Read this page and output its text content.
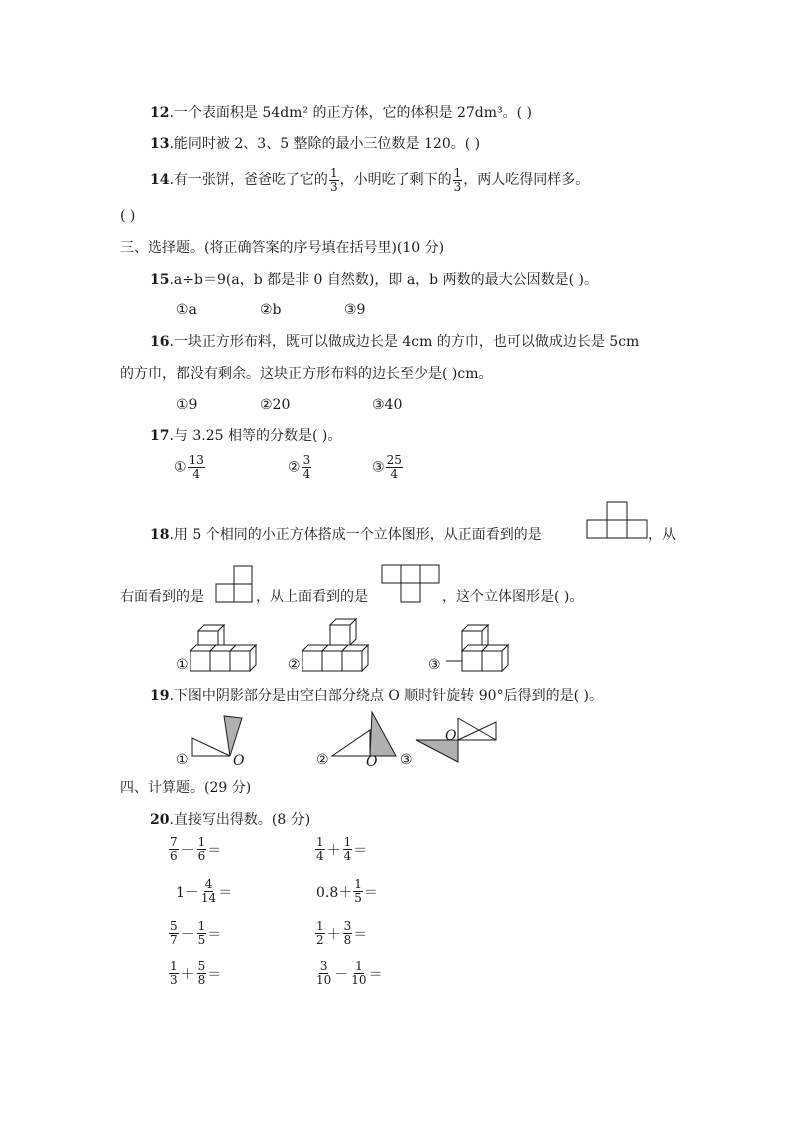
12.一个表面积是 54dm² 的正方体，它的体积是 27dm³。( )
13.能同时被 2、3、5 整除的最小三位数是 120。( )
14.有一张饼，爸爸吃了它的 $\frac{1}{3}$ ，小明吃了剩下的 $\frac{1}{3}$ ，两人吃得同样多。
( )
三、选择题。(将正确答案的序号填在括号里)(10 分)
15.a÷b＝9(a，b 都是非 0 自然数)，即 a，b 两数的最大公因数是( )。
①a	②b	③9
16.一块正方形布料，既可以做成边长是 4cm 的方巾，也可以做成边长是 5cm
的方巾，都没有剩余。这块正方形布料的边长至少是( )cm。
①9	②20	③40
17.与 3.25 相等的分数是( )。
① $\frac{13}{4}$	② $\frac{3}{4}$	③ $\frac{25}{4}$
18.用 5 个相同的小正方体搭成一个立体图形，从正面看到的是	，从
右面看到的是	，从上面看到的是	，这个立体图形是( )。
①	②	③
19.下图中阴影部分是由空白部分绕点 O 顺时针旋转 90°后得到的是( )。
①	O	②	O ③
O
四、计算题。(29 分)
20.直接写出得数。(8 分)
$\frac{7}{6} - \frac{1}{6}$ ＝	$\frac{1}{4} + \frac{1}{4}$ ＝
$1- \frac{4}{14}$ ＝	$0.8+ \frac{1}{5}$ ＝
$\frac{5}{7} - \frac{1}{5}$ ＝	$\frac{1}{2} + \frac{3}{8}$ ＝
$\frac{1}{3} + \frac{5}{8}$ ＝	$\frac{3}{10} - \frac{1}{10}$ ＝
